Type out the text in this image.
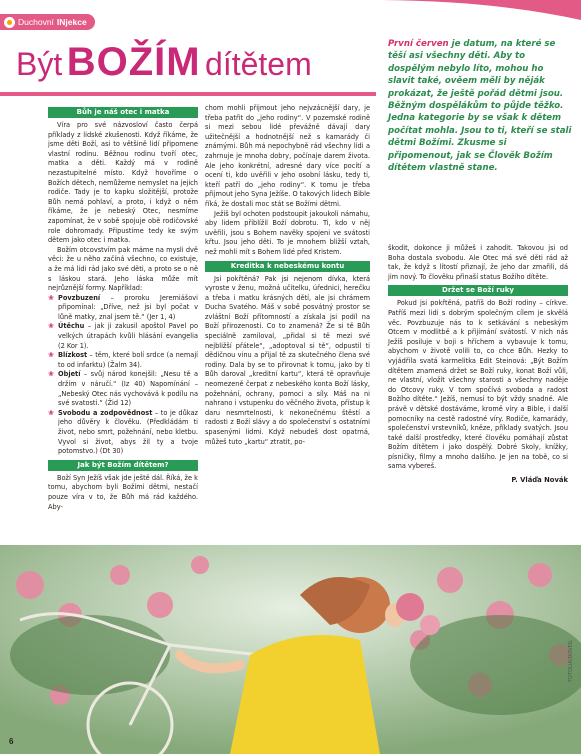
Duchovní INjekce
Být BOŽÍM dítětem
První červen je datum, na které se těší asi všechny děti. Aby to dospělým nebylo líto, mohou ho slavit také, ověem měli by něják prokázat, že ještě pořád dětmi jsou. Běžným dospělákům to půjde těžko. Jedna kategorie by se však k dětem počítat mohla. Jsou to ti, kteří se stali dětmi Božími. Zkusme si připomenout, jak se Člověk Božím dítětem vlastně stane.
Bůh je náš otec i matka

Víra pro své názvosloví často čerpá příklady z lidské zkušenosti. Když říkáme, že jsme děti Boží, asi to většině lidí připomene vlastní rodinu. Běžnou rodinu tvoří otec, matka a děti. Každý má v rodině nezastupitelné místo. Když hovoříme o Božích dětech, nemůžeme nemyslet na jejich rodiče. Tady je to kapku složitější, protože Bůh nemá pohlaví, a proto, i když o něm říkáme, že je nebeský Otec, nesmíme zapomínat, že v sobě spojuje obě rodičovské role dohromady. Připustíme tedy ke svým dětem jako otec i matka.

Božím otcovstvím pak máme na mysli dvě věci: že u něho začíná všechno, co existuje, a že má lidi rád jako své děti, a proto se o ně s láskou stará. Jeho láska může mít nejrůznější formy. Například:

❀ Povzbuzení – proroku Jeremiášovi připomínal: „Dříve, než jsi byl počat v lůně matky, znal jsem tě.“ (Jer 1, 4)
❀ Útěchu – jak ji zakusil apoštol Pavel po velkých útrapách kvůli hlásání evangelia (2 Kor 1).
❀ Blízkost – těm, které bolí srdce (a nemají to od infarktu) (Žalm 34).
❀ Objetí – svůj národ konejšil: „Nesu tě a držím v náručí.“ (Iz 40) Napomínání – „Nebeský Otec nás vychovává k podílu na své svatosti.“ (Žid 12)
❀ Svobodu a zodpovědnost – to je důkaz jeho důvěry k člověku. (Předkládám ti život, nebo smrt, požehnání, nebo kletbu. Vyvol si život, abys žil ty a tvoje potomstvo.) (Dt 30)
Jak být Božím dítětem?

Boží Syn Ježíš však jde ještě dál. Říká, že k tomu, abychom byli Božími dětmi, nestačí pouze víra v to, že Bůh má rád každého. Aby-

chom mohli přijmout jeho nejvzácnější dary, je třeba patřit do „jeho rodiny“. V pozemské rodině si mezi sebou lidé převážně dávají dary užitečnější a hodnotnější než s kamarády či známými. Bůh má nepochybně rád všechny lidi a zahrnuje je mnoha dobry, počínaje darem života. Ale jeho konkrétní, adresné dary více pocítí a ocení ti, kdo uvěřili v jeho osobní lásku, tedy ti, kteří patří do „jeho rodiny“. K tomu je třeba přijmout jeho Syna Ježíše. O takových lidech Bible říká, že dostali moc stát se Božími dětmi.

Ježíš byl ochoten podstoupit jakoukoli námahu, aby lidem přiblížil Boží dobrotu. Ti, kdo v něj uvěřili, jsou s Bohem navěky spojeni ve svátosti křtu. Jsou jeho děti. To je mnohem bližší vztah, než mohli mít s Bohem lidé před Kristem.

Kreditka k nebeskému kontu

Jsi pokřtěná? Pak jsi nejenom dívka, která vyroste v ženu, možná učitelku, úřednici, herečku a třeba i matku krásných dětí, ale jsi chrámem Ducha Svatého. Máš v sobě posvátný prostor se zvláštní Boží přítomností a získala jsi podíl na Boží přirozenosti. Co to znamená? Že si tě Bůh speciálně zamiloval, „přidal si tě mezi své nejbližší přátele“, „adoptoval si tě“, odpustil ti dědičnou vinu a přijal tě za skutečného člena své rodiny. Dala by se to přirovnat k tomu, jako by ti Bůh daroval „kreditní kartu“, která tě opravňuje neomezeně čerpat z nebeského konta Boží lásky, požehnání, ochrany, pomoci a síly. Máš na ni nahrano i vstupenku do věčného života, přístup k daru nesmrtelnosti, k nekonečnému štěstí a radosti z Boží slávy a do společenství s ostatními spasenými lidmi. Když nebudeš dost opatrná, můžeš tuto „kartu“ ztratit, po-

škodit, dokonce ji můžeš i zahodit. Takovou jsi od Boha dostala svobodu. Ale Otec má své děti rád až tak, že když s lítostí přiznají, že jeho dar zmařili, dá jim nový. To člověku přinaší status Božího dítěte.

Držet se Boží ruky

Pokud jsi pokřtěná, patříš do Boží rodiny – církve. Patříš mezi lidi s dobrým společným cílem je skvělá věc. Povzbuzuje nás to k setkávání s nebeským Otcem v modlitbě a k přijímání svátostí. V nich nás Ježíš posiluje v boji s hříchem a vybavuje k tomu, abychom v životě volili to, co chce Bůh. Hezky to vyjádřila svatá karmelitka Edit Steinová: „Být Božím dítětem znamená držet se Boží ruky, konat Boží vůli, ne vlastní, vložit všechny starosti a všechny naděje do Otcovy ruky. V tom spočívá svoboda a radost Božího dítěte.“ Ježíš, nemusí to být vždy snadné. Ale právě v dětské dostáváme, kromě víry a Bible, i další pomocníky na cestě radostné víry. Rodiče, kamarády, společenství vrstevníků, kněze, příklady svatých. Jsou také další prostředky, které člověku pomáhají zůstat Božím dítětem i jako dospělý. Dobré Skoly, knížky, písničky, filmy a mnoho dalšího. Je jen na tobě, co si sama vybereš.

P. Vláďa Novák
6
FOTOLIA/DOVEIL
